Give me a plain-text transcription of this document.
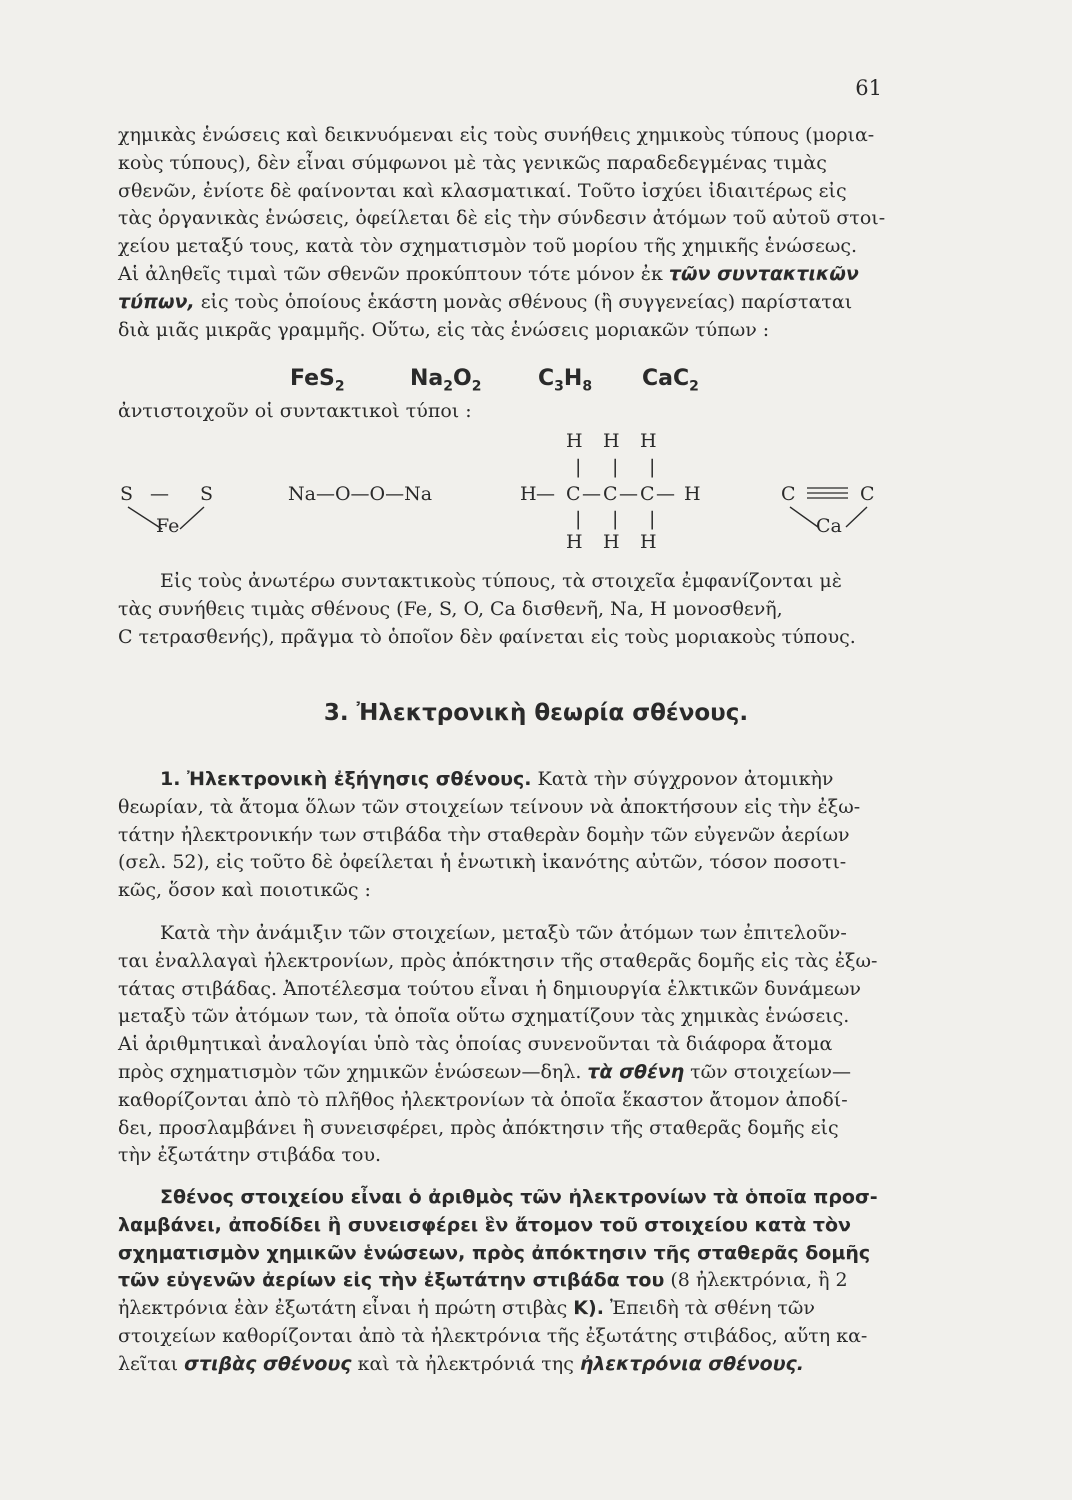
61

χημικὰς ἑνώσεις καὶ δεικνυόμεναι εἰς τοὺς συνήθεις χημικοὺς τύπους (μορια-

κοὺς τύπους), δὲν εἶναι σύμφωνοι μὲ τὰς γενικῶς παραδεδεγμένας τιμὰς

σθενῶν, ἐνίοτε δὲ φαίνονται καὶ κλασματικαί. Τοῦτο ἰσχύει ἰδιαιτέρως εἰς

τὰς ὀργανικὰς ἑνώσεις, ὀφείλεται δὲ εἰς τὴν σύνδεσιν ἀτόμων τοῦ αὐτοῦ στοι-

χείου μεταξύ τους, κατὰ τὸν σχηματισμὸν τοῦ μορίου τῆς χημικῆς ἑνώσεως.

Αἱ ἀληθεῖς τιμαὶ τῶν σθενῶν προκύπτουν τότε μόνον ἐκ τῶν συντακτικῶν

τύπων, εἰς τοὺς ὁποίους ἑκάστη μονὰς σθένους (ἢ συγγενείας) παρίσταται

διὰ μιᾶς μικρᾶς γραμμῆς. Οὕτω, εἰς τὰς ἑνώσεις μοριακῶν τύπων :

FeS$_2$	$Na_2O_2$	$C_3H_8$ CaC$_2$

ἀντιστοιχοῦν οἱ συντακτικοὶ τύποι :

S — S
Fe
Na—O—O—Na
H H H
| | |
H — C — C — C — H
| | |
H H H
C	C
Ca

Εἰς τοὺς ἀνωτέρω συντακτικοὺς τύπους, τὰ στοιχεῖα ἐμφανίζονται μὲ

τὰς συνήθεις τιμὰς σθένους (Fe, S, O, Ca δισθενῆ, Na, H μονοσθενῆ,

C τετρασθενής), πρᾶγμα τὸ ὁποῖον δὲν φαίνεται εἰς τοὺς μοριακοὺς τύπους.

3. Ἠλεκτρονικὴ θεωρία σθένους.

1. Ἠλεκτρονικὴ ἐξήγησις σθένους. Κατὰ τὴν σύγχρονον ἀτομικὴν

θεωρίαν, τὰ ἄτομα ὅλων τῶν στοιχείων τείνουν νὰ ἀποκτήσουν εἰς τὴν ἐξω-

τάτην ἠλεκτρονικήν των στιβάδα τὴν σταθερὰν δομὴν τῶν εὐγενῶν ἀερίων

(σελ. 52), εἰς τοῦτο δὲ ὀφείλεται ἡ ἑνωτικὴ ἱκανότης αὐτῶν, τόσον ποσοτι-

κῶς, ὅσον καὶ ποιοτικῶς :

Κατὰ τὴν ἀνάμιξιν τῶν στοιχείων, μεταξὺ τῶν ἀτόμων των ἐπιτελοῦν-

ται ἐναλλαγαὶ ἠλεκτρονίων, πρὸς ἀπόκτησιν τῆς σταθερᾶς δομῆς εἰς τὰς ἐξω-

τάτας στιβάδας. Ἀποτέλεσμα τούτου εἶναι ἡ δημιουργία ἑλκτικῶν δυνάμεων

μεταξὺ τῶν ἀτόμων των, τὰ ὁποῖα οὕτω σχηματίζουν τὰς χημικὰς ἑνώσεις.

Αἱ ἀριθμητικαὶ ἀναλογίαι ὑπὸ τὰς ὁποίας συνενοῦνται τὰ διάφορα ἄτομα

πρὸς σχηματισμὸν τῶν χημικῶν ἑνώσεων—δηλ. τὰ σθένη τῶν στοιχείων—

καθορίζονται ἀπὸ τὸ πλῆθος ἠλεκτρονίων τὰ ὁποῖα ἕκαστον ἄτομον ἀποδί-

δει, προσλαμβάνει ἢ συνεισφέρει, πρὸς ἀπόκτησιν τῆς σταθερᾶς δομῆς εἰς

τὴν ἐξωτάτην στιβάδα του.

Σθένος στοιχείου εἶναι ὁ ἀριθμὸς τῶν ἠλεκτρονίων τὰ ὁποῖα προσ-

λαμβάνει, ἀποδίδει ἢ συνεισφέρει ἓν ἄτομον τοῦ στοιχείου κατὰ τὸν

σχηματισμὸν χημικῶν ἑνώσεων, πρὸς ἀπόκτησιν τῆς σταθερᾶς δομῆς

τῶν εὐγενῶν ἀερίων εἰς τὴν ἐξωτάτην στιβάδα του (8 ἠλεκτρόνια, ἢ 2

ἠλεκτρόνια ἐὰν ἐξωτάτη εἶναι ἡ πρώτη στιβὰς Κ). Ἐπειδὴ τὰ σθένη τῶν

στοιχείων καθορίζονται ἀπὸ τὰ ἠλεκτρόνια τῆς ἐξωτάτης στιβάδος, αὕτη κα-

λεῖται στιβὰς σθένους καὶ τὰ ἠλεκτρόνιά της ἠλεκτρόνια σθένους.
